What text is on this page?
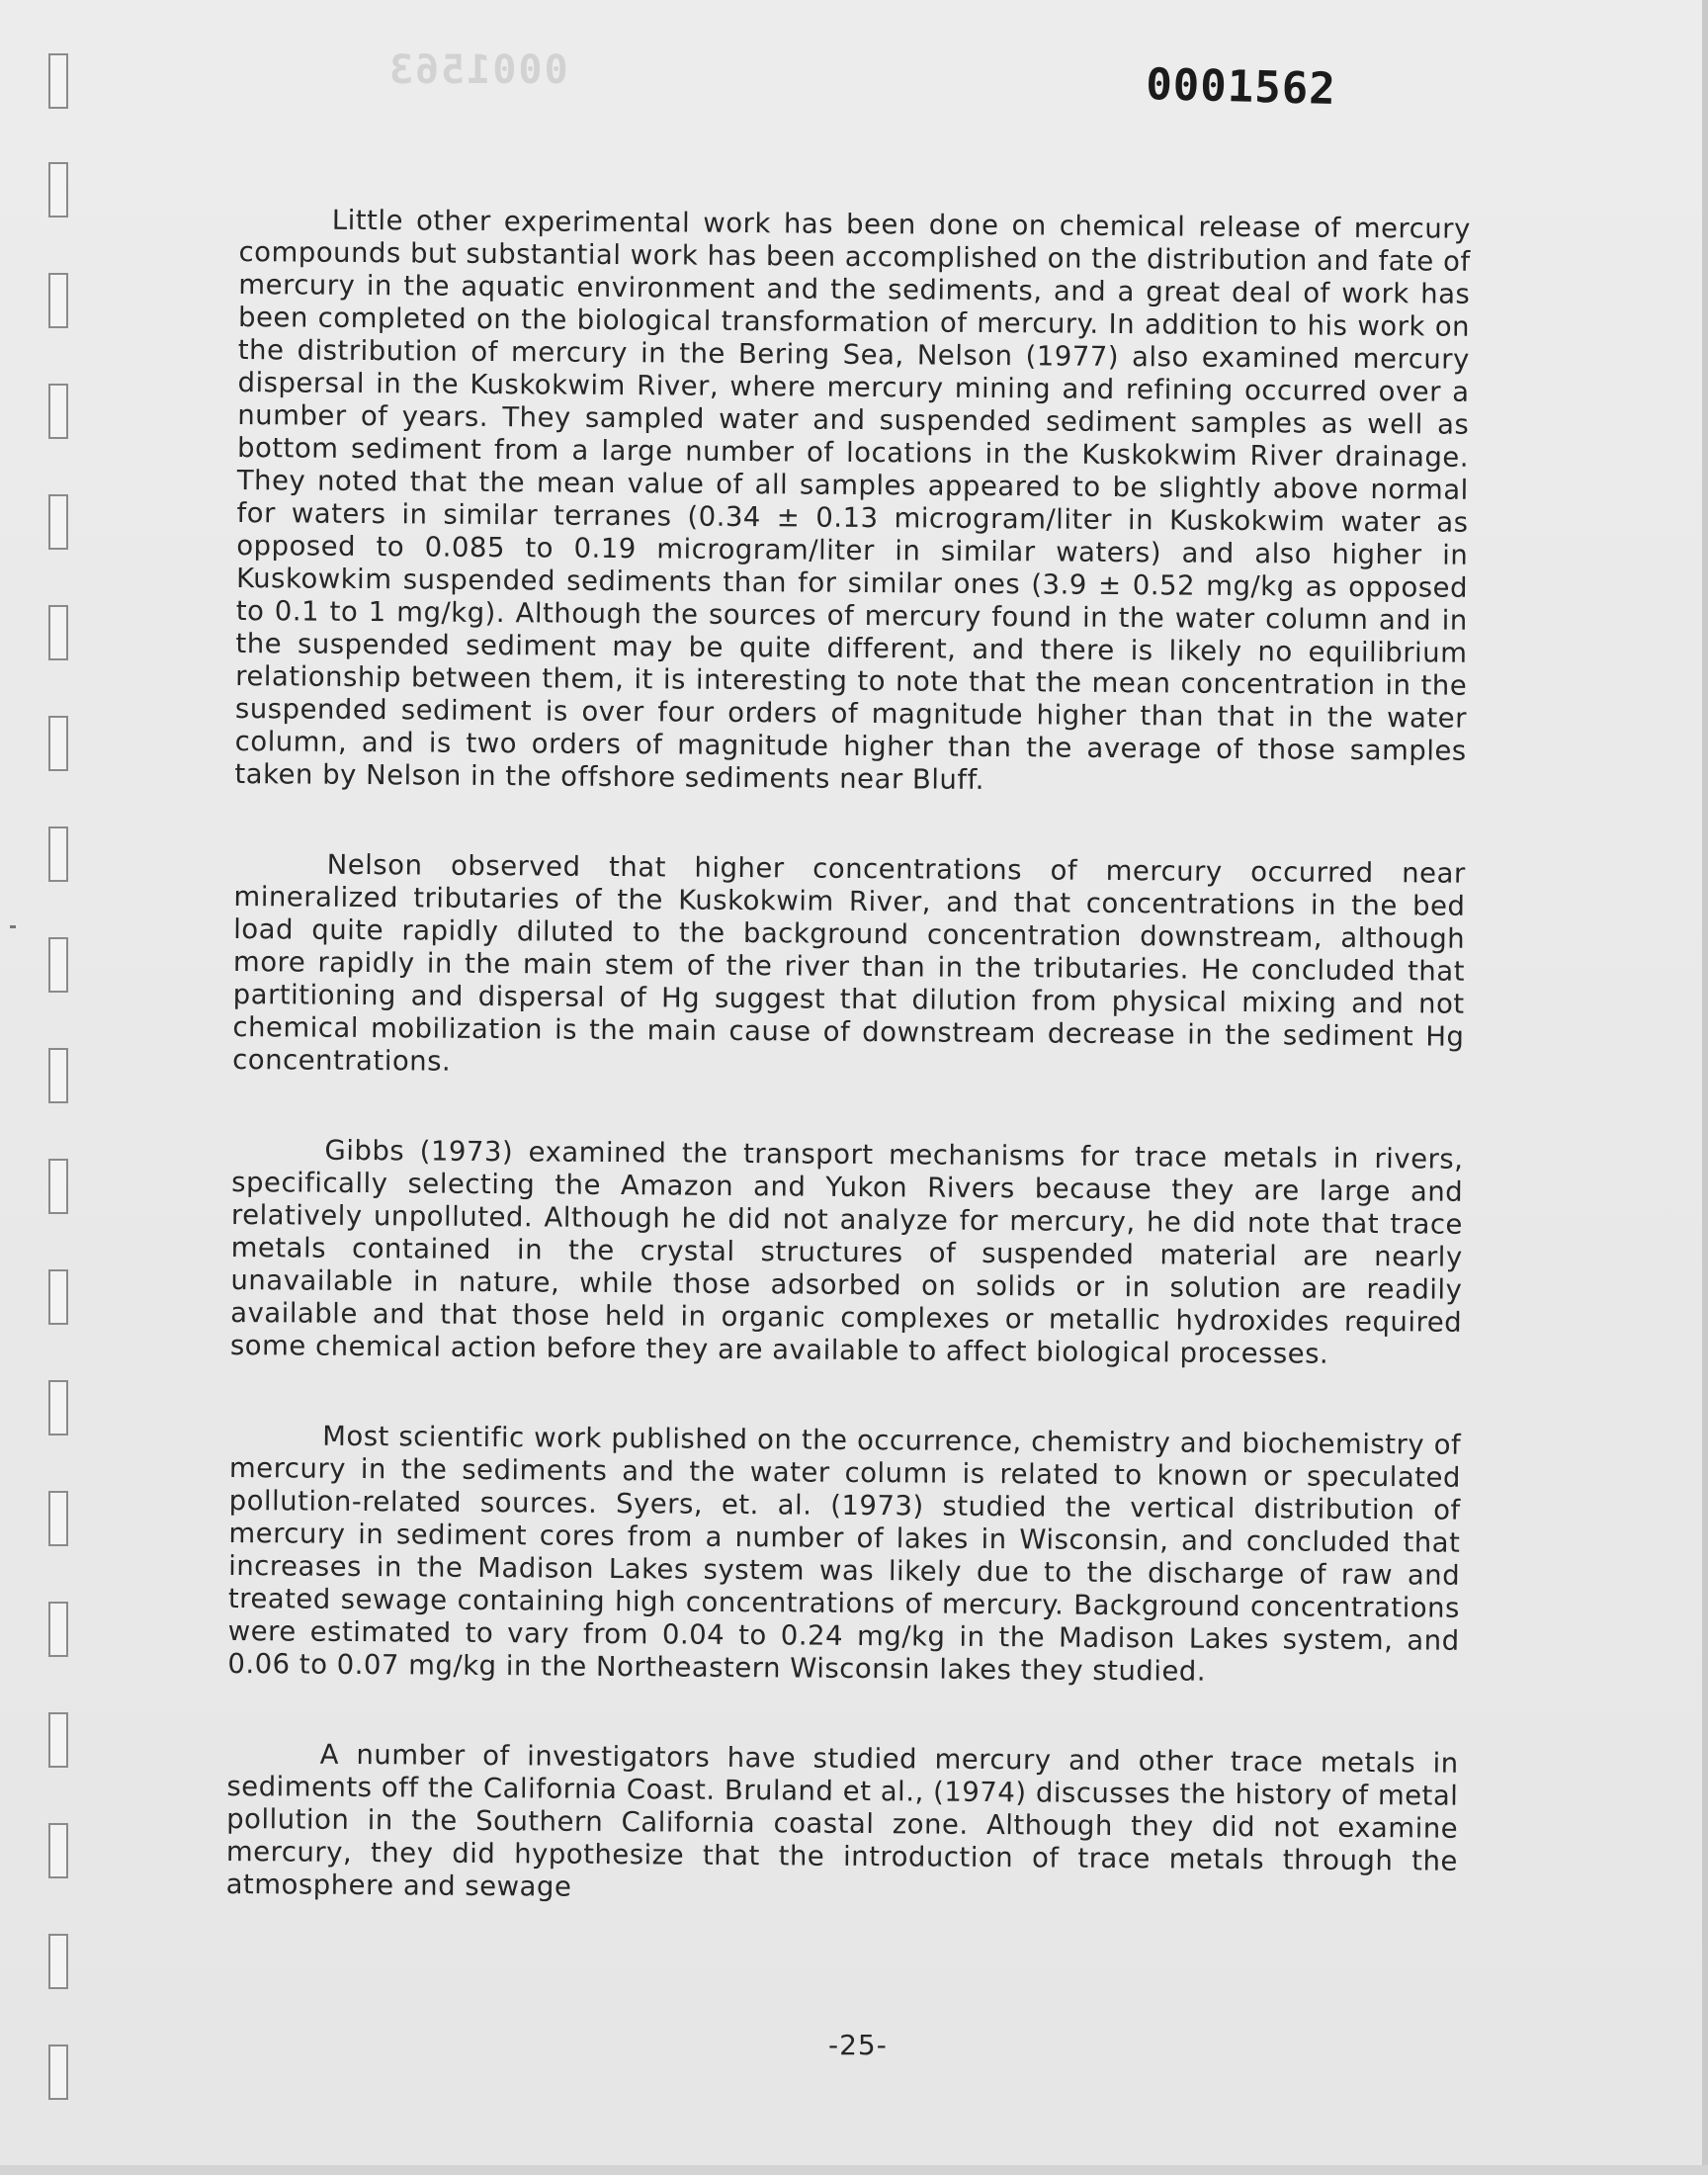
0001563	0001562

Little other experimental work has been done on chemical release of mercury compounds but substantial work has been accomplished on the distribution and fate of mercury in the aquatic environment and the sediments, and a great deal of work has been completed on the biological transformation of mercury. In addition to his work on the distribution of mercury in the Bering Sea, Nelson (1977) also examined mercury dispersal in the Kuskokwim River, where mercury mining and refining occurred over a number of years. They sampled water and suspended sediment samples as well as bottom sediment from a large number of locations in the Kuskokwim River drainage. They noted that the mean value of all samples appeared to be slightly above normal for waters in similar terranes (0.34 ± 0.13 microgram/liter in Kuskokwim water as opposed to 0.085 to 0.19 microgram/liter in similar waters) and also higher in Kuskowkim suspended sediments than for similar ones (3.9 ± 0.52 mg/kg as opposed to 0.1 to 1 mg/kg). Although the sources of mercury found in the water column and in the suspended sediment may be quite different, and there is likely no equilibrium relationship between them, it is interesting to note that the mean concentration in the suspended sediment is over four orders of magnitude higher than that in the water column, and is two orders of magnitude higher than the average of those samples taken by Nelson in the offshore sediments near Bluff.

Nelson observed that higher concentrations of mercury occurred near mineralized tributaries of the Kuskokwim River, and that concentrations in the bed load quite rapidly diluted to the background concentration downstream, although more rapidly in the main stem of the river than in the tributaries. He concluded that partitioning and dispersal of Hg suggest that dilution from physical mixing and not chemical mobilization is the main cause of downstream decrease in the sediment Hg concentrations.

Gibbs (1973) examined the transport mechanisms for trace metals in rivers, specifically selecting the Amazon and Yukon Rivers because they are large and relatively unpolluted. Although he did not analyze for mercury, he did note that trace metals contained in the crystal structures of suspended material are nearly unavailable in nature, while those adsorbed on solids or in solution are readily available and that those held in organic complexes or metallic hydroxides required some chemical action before they are available to affect biological processes.

Most scientific work published on the occurrence, chemistry and biochemistry of mercury in the sediments and the water column is related to known or speculated pollution-related sources. Syers, et. al. (1973) studied the vertical distribution of mercury in sediment cores from a number of lakes in Wisconsin, and concluded that increases in the Madison Lakes system was likely due to the discharge of raw and treated sewage containing high concentrations of mercury. Background concentrations were estimated to vary from 0.04 to 0.24 mg/kg in the Madison Lakes system, and 0.06 to 0.07 mg/kg in the Northeastern Wisconsin lakes they studied.

A number of investigators have studied mercury and other trace metals in sediments off the California Coast. Bruland et al., (1974) discusses the history of metal pollution in the Southern California coastal zone. Although they did not examine mercury, they did hypothesize that the introduction of trace metals through the atmosphere and sewage

-25-
